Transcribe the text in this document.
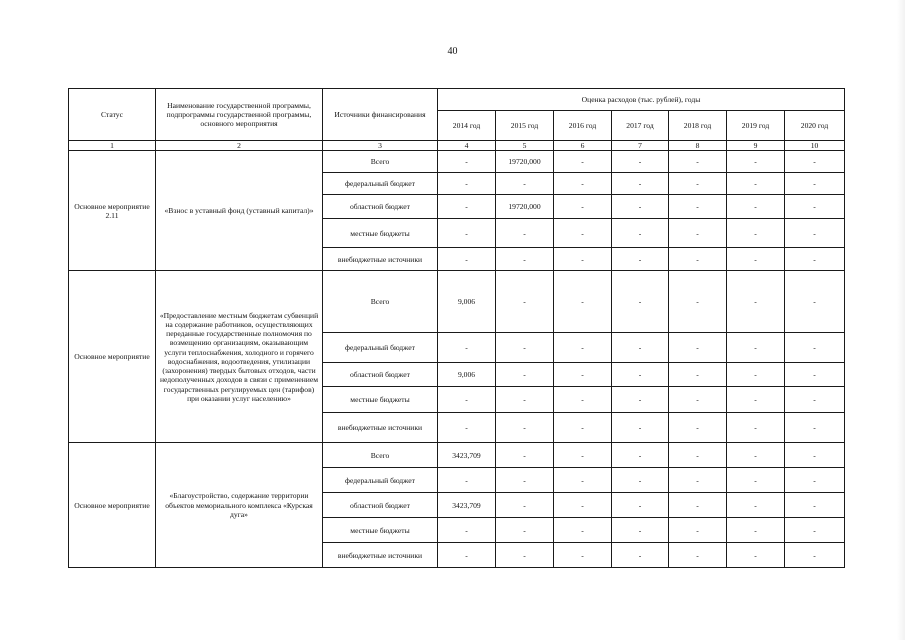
40
Статус	Наименование государственной программы, подпрограммы государственной программы, основного мероприятия	Источники финансирования	Оценка расходов (тыс. рублей), годы						
			2014 год	2015 год	2016 год	2017 год	2018 год	2019 год	2020 год
1	2	3	4	5	6	7	8	9	10
Основное мероприятие 2.11	«Взнос в уставный фонд (уставный капитал)»	Всего	-	19720,000	-	-	-	-	-
		федеральный бюджет	-	-	-	-	-	-	-
		областной бюджет	-	19720,000	-	-	-	-	-
		местные бюджеты	-	-	-	-	-	-	-
		внебюджетные источники	-	-	-	-	-	-	-
Основное мероприятие	«Предоставление местным бюджетам субвенций на содержание работников, осуществляющих переданные государственные полномочия по возмещению организациям, оказывающим услуги теплоснабжения, холодного и горячего водоснабжения, водоотведения, утилизации (захоронения) твердых бытовых отходов, части недополученных доходов в связи с применением государственных регулируемых цен (тарифов) при оказании услуг населению»	Всего	9,006	-	-	-	-	-	-
		федеральный бюджет	-	-	-	-	-	-	-
		областной бюджет	9,006	-	-	-	-	-	-
		местные бюджеты	-	-	-	-	-	-	-
		внебюджетные источники	-	-	-	-	-	-	-
Основное мероприятие	«Благоустройство, содержание территории объектов мемориального комплекса «Курская дуга»	Всего	3423,709	-	-	-	-	-	-
		федеральный бюджет	-	-	-	-	-	-	-
		областной бюджет	3423,709	-	-	-	-	-	-
		местные бюджеты	-	-	-	-	-	-	-
		внебюджетные источники	-	-	-	-	-	-	-
